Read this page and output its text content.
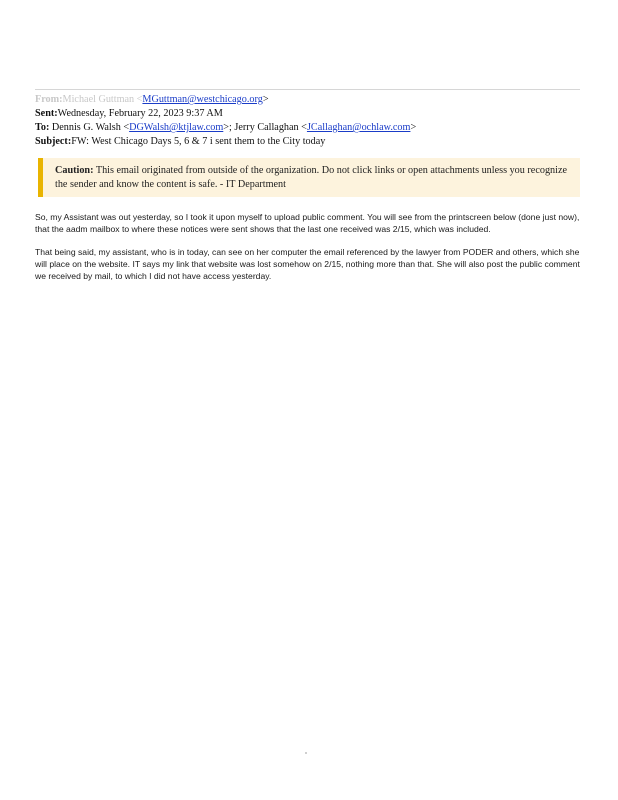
From:Michael Guttman <MGuttman@westchicago.org>
Sent:Wednesday, February 22, 2023 9:37 AM
To: Dennis G. Walsh <DGWalsh@ktjlaw.com>; Jerry Callaghan <JCallaghan@ochlaw.com>
Subject:FW: West Chicago Days 5, 6 & 7 i sent them to the City today
Caution: This email originated from outside of the organization. Do not click links or open attachments unless you recognize the sender and know the content is safe. - IT Department

So, my Assistant was out yesterday, so I took it upon myself to upload public comment. You will see from the printscreen below (done just now), that the aadm mailbox to where these notices were sent shows that the last one received was 2/15, which was included.

That being said, my assistant, who is in today, can see on her computer the email referenced by the lawyer from PODER and others, which she will place on the website. IT says my link that website was lost somehow on 2/15, nothing more than that. She will also post the public comment we received by mail, to which I did not have access yesterday.
